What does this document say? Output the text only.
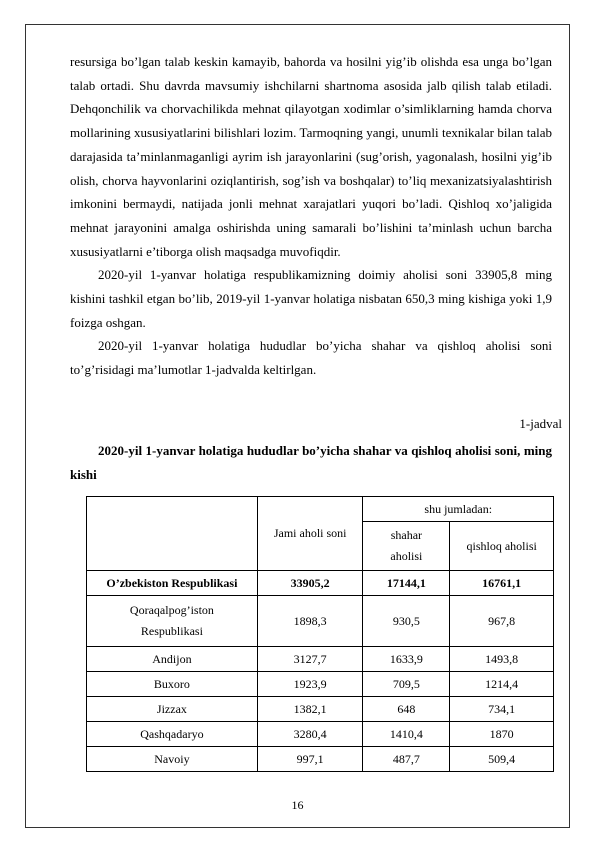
resursiga bo’lgan talab keskin kamayib, bahorda va hosilni yig’ib olishda esa unga bo’lgan talab ortadi. Shu davrda mavsumiy ishchilarni shartnoma asosida jalb qilish talab etiladi. Dehqonchilik va chorvachilikda mehnat qilayotgan xodimlar o’simliklarning hamda chorva mollarining xususiyatlarini bilishlari lozim. Tarmoqning yangi, unumli texnikalar bilan talab darajasida ta’minlanmaganligi ayrim ish jarayonlarini (sug’orish, yagonalash, hosilni yig’ib olish, chorva hayvonlarini oziqlantirish, sog’ish va boshqalar) to’liq mexanizatsiyalashtirish imkonini bermaydi, natijada jonli mehnat xarajatlari yuqori bo’ladi. Qishloq xo’jaligida mehnat jarayonini amalga oshirishda uning samarali bo’lishini ta’minlash uchun barcha xususiyatlarni e’tiborga olish maqsadga muvofiqdir.

2020-yil 1-yanvar holatiga respublikamizning doimiy aholisi soni 33905,8 ming kishini tashkil etgan bo’lib, 2019-yil 1-yanvar holatiga nisbatan 650,3 ming kishiga yoki 1,9 foizga oshgan.

2020-yil 1-yanvar holatiga hududlar bo’yicha shahar va qishloq aholisi soni to’g’risidagi ma’lumotlar 1-jadvalda keltirlgan.

1-jadval
2020-yil 1-yanvar holatiga hududlar bo’yicha shahar va qishloq aholisi soni, ming kishi
	Jami aholi soni	shu jumladan:	
		shahar aholisi	qishloq aholisi
O’zbekiston Respublikasi	33905,2	17144,1	16761,1
Qoraqalpog’iston Respublikasi	1898,3	930,5	967,8
Andijon	3127,7	1633,9	1493,8
Buxoro	1923,9	709,5	1214,4
Jizzax	1382,1	648	734,1
Qashqadaryo	3280,4	1410,4	1870
Navoiy	997,1	487,7	509,4
16
